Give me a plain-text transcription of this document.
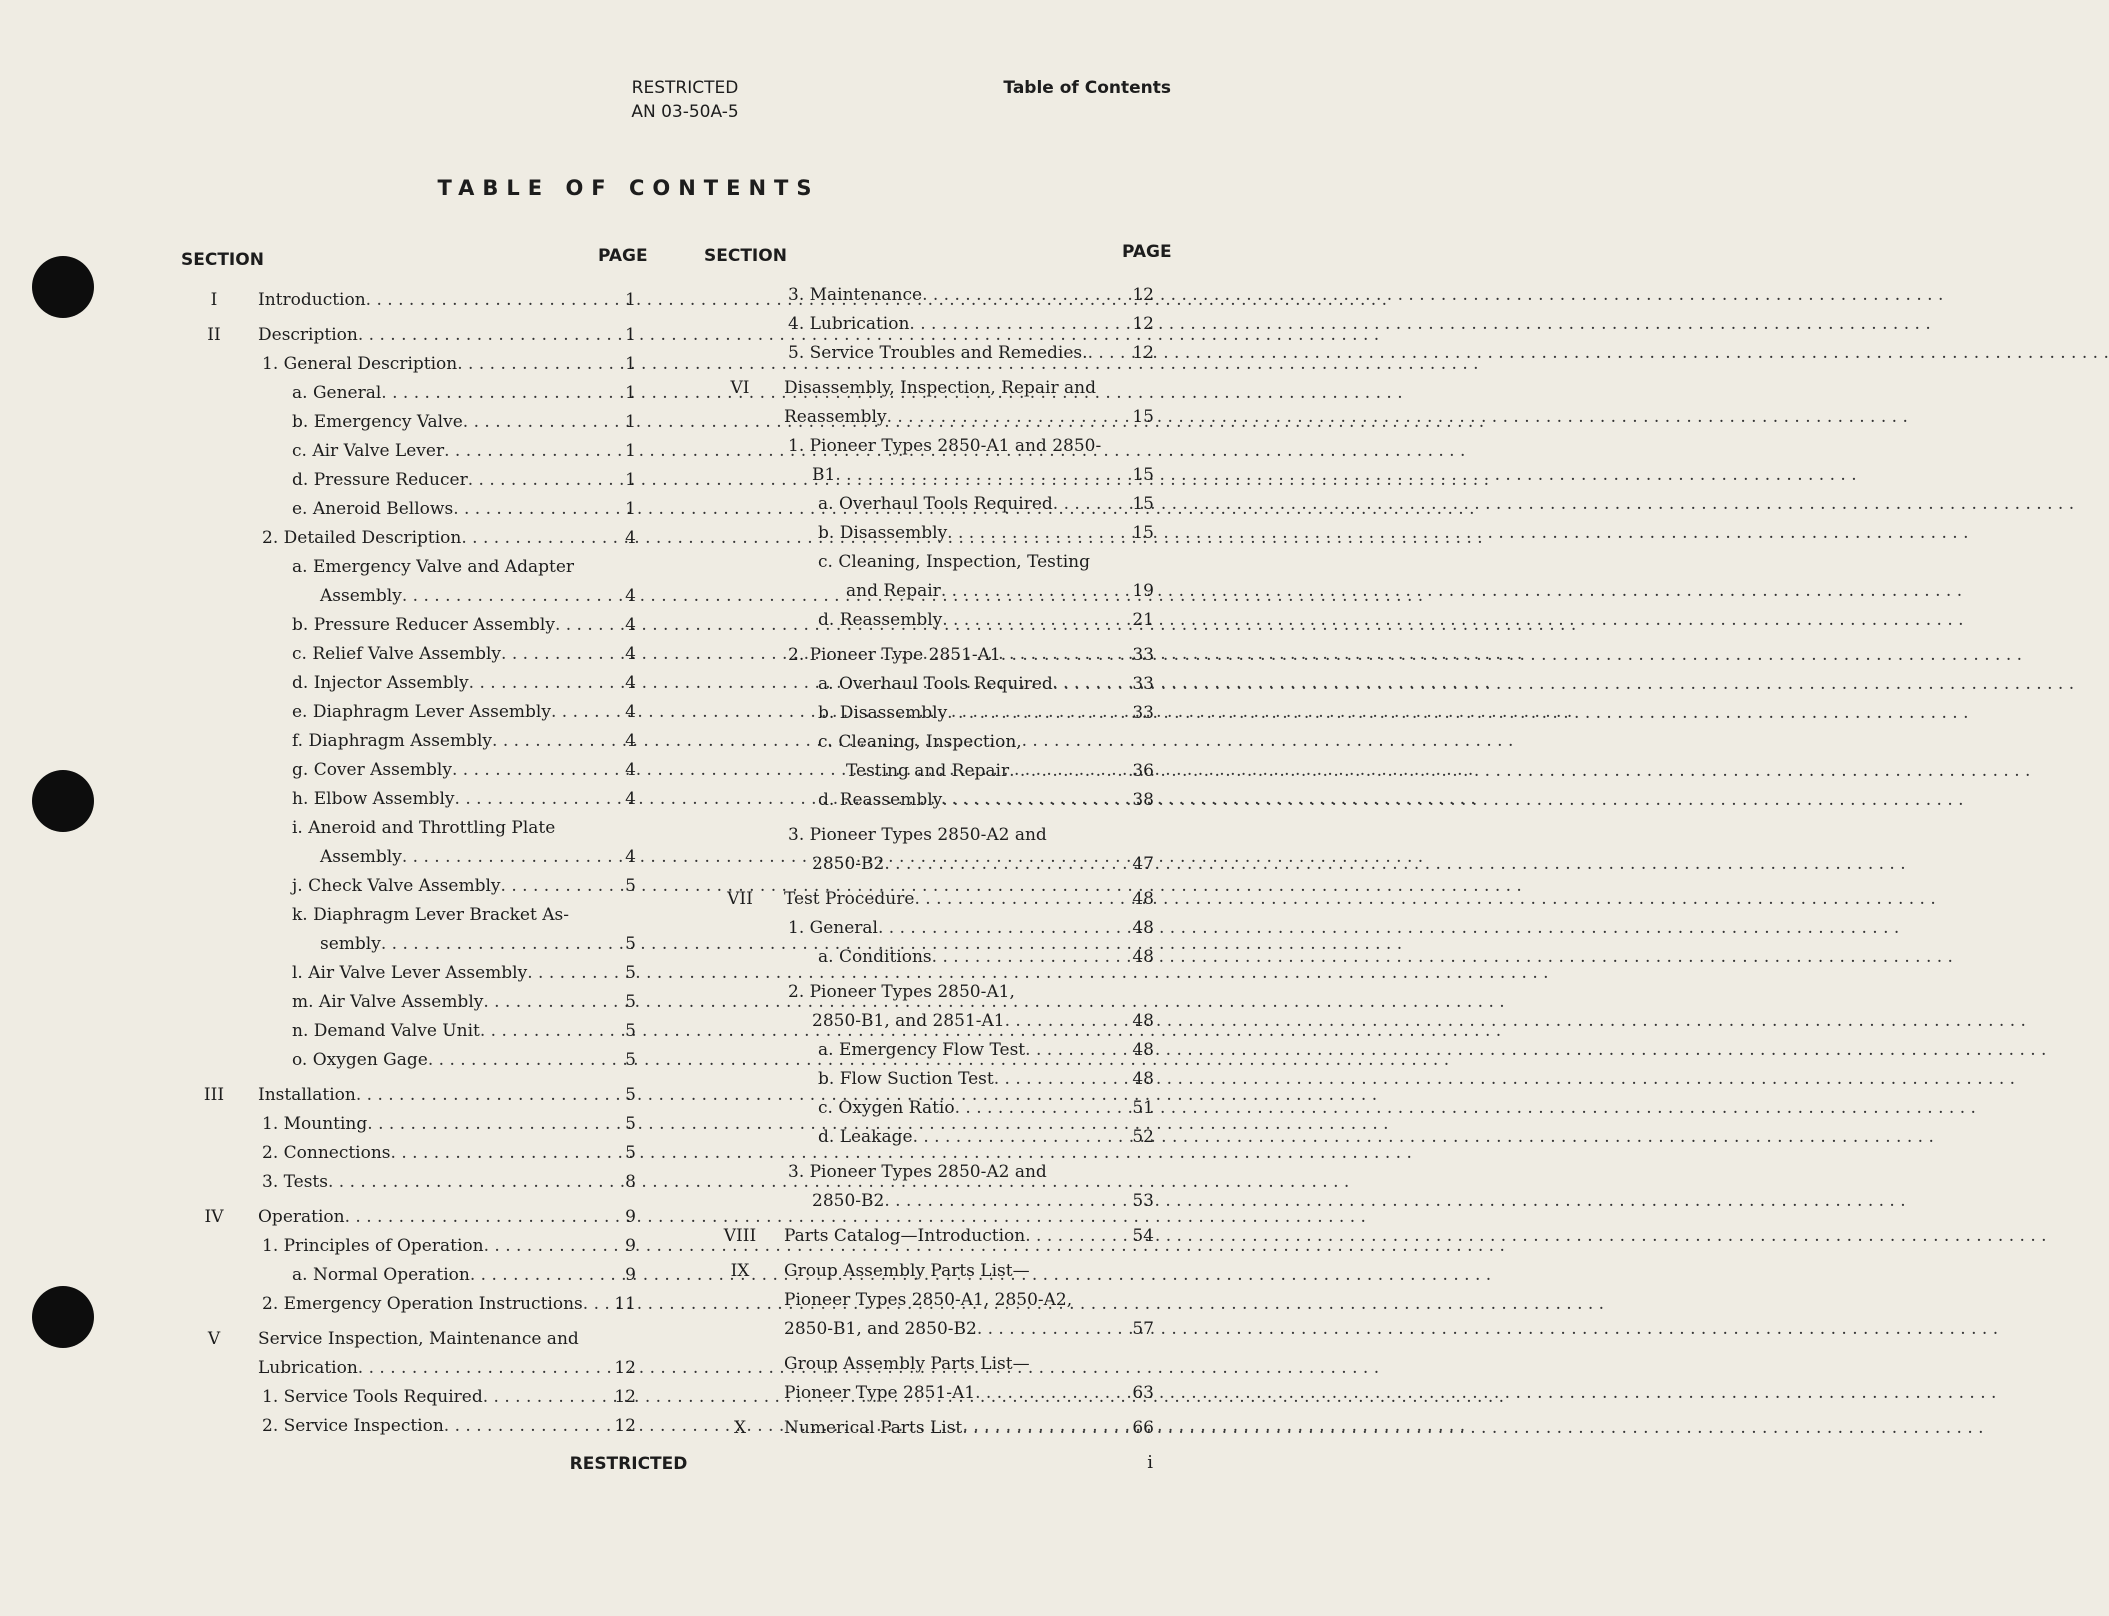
RESTRICTED
AN 03-50A-5
Table of Contents
TABLE OF CONTENTS
SECTION	PAGE	SECTION	PAGE
I	Introduction . . .	1
II	Description . . .	1
1. General Description . . .	1
a. General . . .	1
b. Emergency Valve . . .	1
c. Air Valve Lever . . .	1
d. Pressure Reducer . . .	1
e. Aneroid Bellows . . .	1
2. Detailed Description . . .	4
a. Emergency Valve and Adapter
Assembly . . .	4
b. Pressure Reducer Assembly . . .	4
c. Relief Valve Assembly . . .	4
d. Injector Assembly . . .	4
e. Diaphragm Lever Assembly . . .	4
f. Diaphragm Assembly . . .	4
g. Cover Assembly . . .	4
h. Elbow Assembly . . .	4
i. Aneroid and Throttling Plate
Assembly . . .	4
j. Check Valve Assembly . . .	5
k. Diaphragm Lever Bracket As-
sembly . . .	5
l. Air Valve Lever Assembly . . .	5
m. Air Valve Assembly . . .	5
n. Demand Valve Unit . . .	5
o. Oxygen Gage . . .	5
III	Installation . . .	5
1. Mounting . . .	5
2. Connections . . .	5
3. Tests . . .	8
IV	Operation . . .	9
1. Principles of Operation . . .	9
a. Normal Operation . . .	9
2. Emergency Operation Instructions . . .	11
V	Service Inspection, Maintenance and
Lubrication . . .	12
1. Service Tools Required . . .	12
2. Service Inspection . . .	12
3. Maintenance . . .	12
4. Lubrication . . .	12
5. Service Troubles and Remedies. . . .	12
VI	Disassembly, Inspection, Repair and
Reassembly . . .	15
1. Pioneer Types 2850-A1 and 2850-
B1 . . .	15
a. Overhaul Tools Required . . .	15
b. Disassembly . . .	15
c. Cleaning, Inspection, Testing
and Repair . . .	19
d. Reassembly . . .	21
2. Pioneer Type 2851-A1 . . .	33
a. Overhaul Tools Required . . .	33
b. Disassembly . . .	33
c. Cleaning, Inspection,
Testing and Repair . . .	36
d. Reassembly . . .	38
3. Pioneer Types 2850-A2 and
2850-B2 . . .	47
VII	Test Procedure . . .	48
1. General . . .	48
a. Conditions . . .	48
2. Pioneer Types 2850-A1,
2850-B1, and 2851-A1 . . .	48
a. Emergency Flow Test . . .	48
b. Flow Suction Test . . .	48
c. Oxygen Ratio . . .	51
d. Leakage . . .	52
3. Pioneer Types 2850-A2 and
2850-B2 . . .	53
VIII	Parts Catalog—Introduction . . .	54
IX	Group Assembly Parts List—
Pioneer Types 2850-A1, 2850-A2,
2850-B1, and 2850-B2 . . .	57
Group Assembly Parts List—
Pioneer Type 2851-A1 . . .	63
X	Numerical Parts List . . .	66
RESTRICTED	i
